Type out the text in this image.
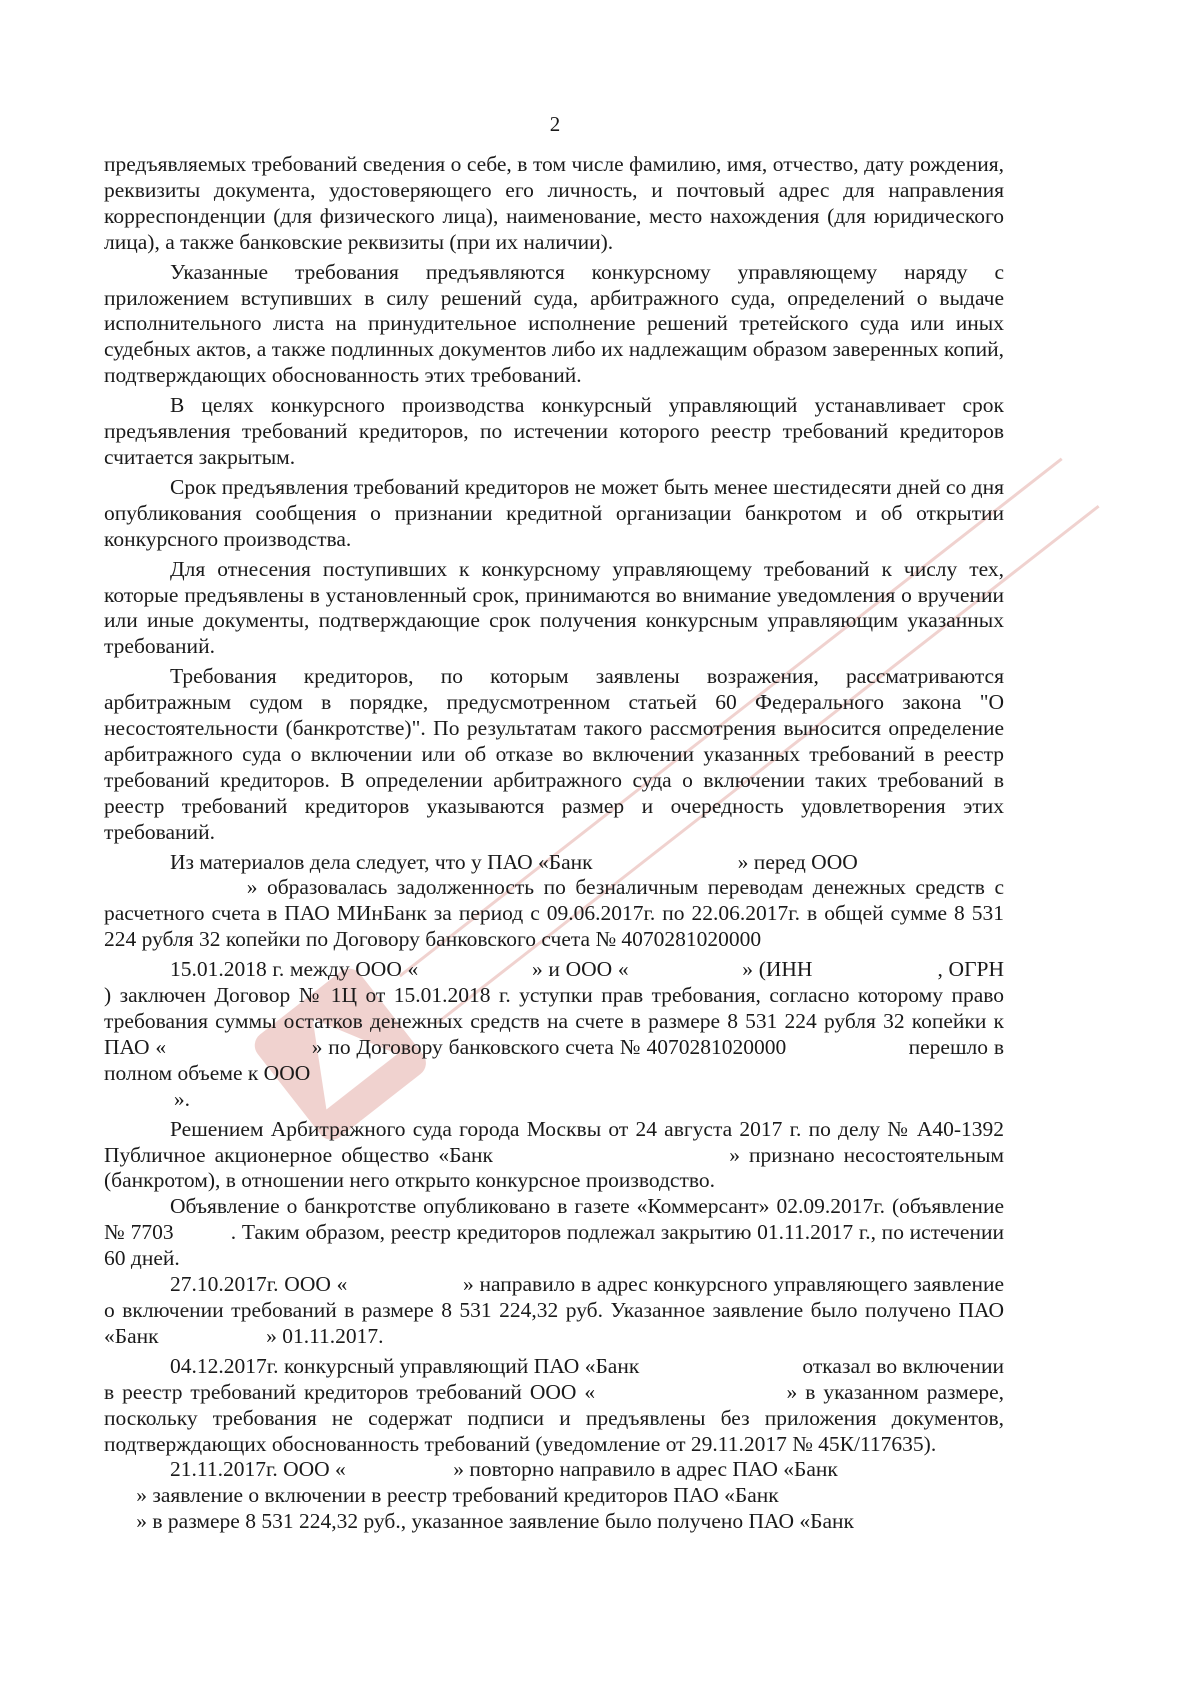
2

предъявляемых требований сведения о себе, в том числе фамилию, имя, отчество, дату рождения, реквизиты документа, удостоверяющего его личность, и почтовый адрес для направления корреспонденции (для физического лица), наименование, место нахождения (для юридического лица), а также банковские реквизиты (при их наличии).

Указанные требования предъявляются конкурсному управляющему наряду с приложением вступивших в силу решений суда, арбитражного суда, определений о выдаче исполнительного листа на принудительное исполнение решений третейского суда или иных судебных актов, а также подлинных документов либо их надлежащим образом заверенных копий, подтверждающих обоснованность этих требований.

В целях конкурсного производства конкурсный управляющий устанавливает срок предъявления требований кредиторов, по истечении которого реестр требований кредиторов считается закрытым.

Срок предъявления требований кредиторов не может быть менее шестидесяти дней со дня опубликования сообщения о признании кредитной организации банкротом и об открытии конкурсного производства.

Для отнесения поступивших к конкурсному управляющему требований к числу тех, которые предъявлены в установленный срок, принимаются во внимание уведомления о вручении или иные документы, подтверждающие срок получения конкурсным управляющим указанных требований.

Требования кредиторов, по которым заявлены возражения, рассматриваются арбитражным судом в порядке, предусмотренном статьей 60 Федерального закона "О несостоятельности (банкротстве)". По результатам такого рассмотрения выносится определение арбитражного суда о включении или об отказе во включении указанных требований в реестр требований кредиторов. В определении арбитражного суда о включении таких требований в реестр требований кредиторов указываются размер и очередность удовлетворения этих требований.

Из материалов дела следует, что у ПАО «Банк                           » перед ООО

» образовалась задолженность по безналичным переводам денежных средств с расчетного счета в ПАО МИнБанк за период с 09.06.2017г. по 22.06.2017г. в общей сумме 8 531 224 рубля 32 копейки по Договору банковского счета № 4070281020000

15.01.2018 г. между ООО «                    » и ООО «                    » (ИНН                      , ОГРН                     ) заключен Договор № 1Ц от 15.01.2018 г. уступки прав требования, согласно которому право требования суммы остатков денежных средств на счете в размере 8 531 224 рубля 32 копейки к ПАО «                         » по Договору банковского счета № 4070281020000                     перешло в полном объеме к ООО

».

Решением Арбитражного суда города Москвы от 24 августа 2017 г. по делу № А40-1392                         Публичное акционерное общество «Банк                          » признано несостоятельным (банкротом), в отношении него открыто конкурсное производство.

Объявление о банкротстве опубликовано в газете «Коммерсант» 02.09.2017г. (объявление № 7703          . Таким образом, реестр кредиторов подлежал закрытию 01.11.2017 г., по истечении 60 дней.

27.10.2017г. ООО «                    » направило в адрес конкурсного управляющего заявление о включении требований в размере 8 531 224,32 руб. Указанное заявление было получено ПАО «Банк                    » 01.11.2017.

04.12.2017г. конкурсный управляющий ПАО «Банк                              отказал во включении в реестр требований кредиторов требований ООО «                        » в указанном размере, поскольку требования не содержат подписи и предъявлены без приложения документов, подтверждающих обоснованность требований (уведомление от 29.11.2017 № 45К/117635).

21.11.2017г. ООО «                    » повторно направило в адрес ПАО «Банк

» заявление о включении в реестр требований кредиторов ПАО «Банк

» в размере 8 531 224,32 руб., указанное заявление было получено ПАО «Банк
